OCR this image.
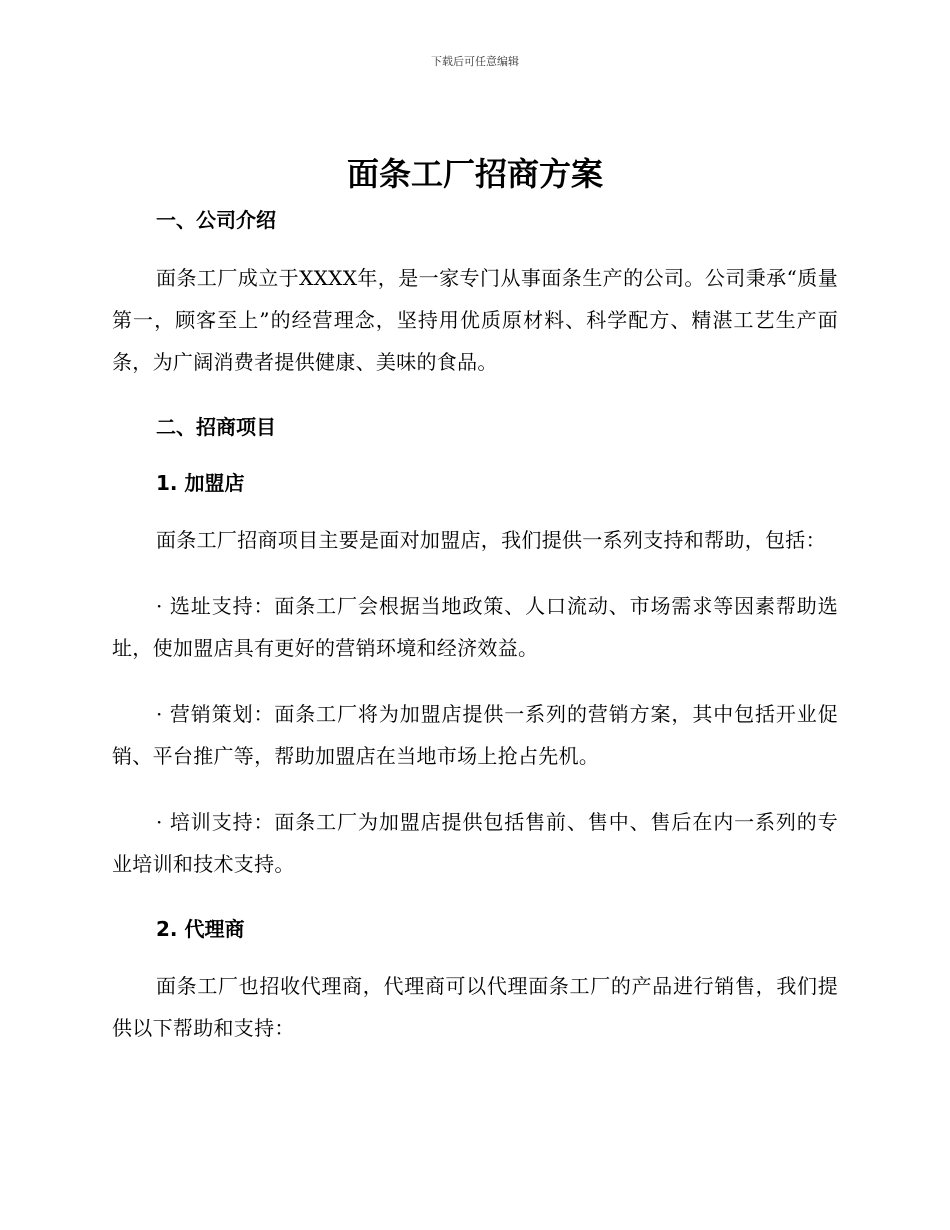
下载后可任意编辑
面条工厂招商方案
一、公司介绍

面条工厂成立于XXXX年，是一家专门从事面条生产的公司。公司秉承“质量第一，顾客至上”的经营理念，坚持用优质原材料、科学配方、精湛工艺生产面条，为广阔消费者提供健康、美味的食品。

二、招商项目
1. 加盟店

面条工厂招商项目主要是面对加盟店，我们提供一系列支持和帮助，包括：

· 选址支持：面条工厂会根据当地政策、人口流动、市场需求等因素帮助选址，使加盟店具有更好的营销环境和经济效益。

· 营销策划：面条工厂将为加盟店提供一系列的营销方案，其中包括开业促销、平台推广等，帮助加盟店在当地市场上抢占先机。

· 培训支持：面条工厂为加盟店提供包括售前、售中、售后在内一系列的专业培训和技术支持。

2. 代理商

面条工厂也招收代理商，代理商可以代理面条工厂的产品进行销售，我们提供以下帮助和支持：
